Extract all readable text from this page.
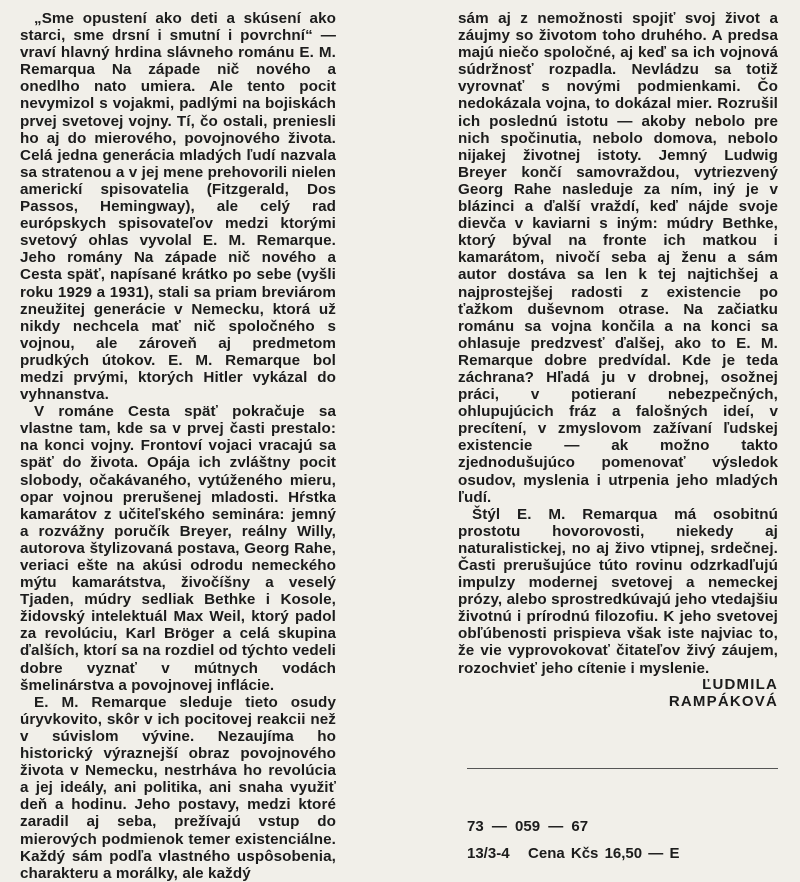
„Sme opustení ako deti a skúsení ako starci, sme drsní i smutní i povrchní“ — vraví hlavný hrdina slávneho románu E. M. Remarqua Na západe nič nového a onedlho nato umiera. Ale tento pocit nevymizol s vojakmi, padlými na bojiskách prvej svetovej vojny. Tí, čo ostali, preniesli ho aj do mierového, povojnového života. Celá jedna generácia mladých ľudí nazvala sa stratenou a v jej mene prehovorili nielen americkí spisovatelia (Fitzgerald, Dos Passos, Hemingway), ale celý rad európskych spisovateľov medzi ktorými svetový ohlas vyvolal E. M. Remarque. Jeho romány Na západe nič nového a Cesta späť, napísané krátko po sebe (vyšli roku 1929 a 1931), stali sa priam breviárom zneužitej generácie v Nemecku, ktorá už nikdy nechcela mať nič spoločného s vojnou, ale zároveň aj predmetom prudkých útokov. E. M. Remarque bol medzi prvými, ktorých Hitler vykázal do vyhnanstva.

V románe Cesta späť pokračuje sa vlastne tam, kde sa v prvej časti prestalo: na konci vojny. Frontoví vojaci vracajú sa späť do života. Opája ich zvláštny pocit slobody, očakávaného, vytúženého mieru, opar vojnou prerušenej mladosti. Hŕstka kamarátov z učiteľského seminára: jemný a rozvážny poručík Breyer, reálny Willy, autorova štylizovaná postava, Georg Rahe, veriaci ešte na akúsi odrodu nemeckého mýtu kamarátstva, živočíšny a veselý Tjaden, múdry sedliak Bethke i Kosole, židovský intelektuál Max Weil, ktorý padol za revolúciu, Karl Bröger a celá skupina ďalších, ktorí sa na rozdiel od týchto vedeli dobre vyznať v mútnych vodách šmelinárstva a povojnovej inflácie.

E. M. Remarque sleduje tieto osudy úryvkovito, skôr v ich pocitovej reakcii než v súvislom vývine. Nezaujíma ho historický výraznejší obraz povojnového života v Nemecku, nestrháva ho revolúcia a jej ideály, ani politika, ani snaha využiť deň a hodinu. Jeho postavy, medzi ktoré zaradil aj seba, prežívajú vstup do mierových podmienok temer existenciálne. Každý sám podľa vlastného uspôsobenia, charakteru a morálky, ale každý

sám aj z nemožnosti spojiť svoj život a záujmy so životom toho druhého. A predsa majú niečo spoločné, aj keď sa ich vojnová súdržnosť rozpadla. Nevládzu sa totiž vyrovnať s novými podmienkami. Čo nedokázala vojna, to dokázal mier. Rozrušil ich poslednú istotu — akoby nebolo pre nich spočinutia, nebolo domova, nebolo nijakej životnej istoty. Jemný Ludwig Breyer končí samovraždou, vytriezvený Georg Rahe nasleduje za ním, iný je v blázinci a ďalší vraždí, keď nájde svoje dievča v kaviarni s iným: múdry Bethke, ktorý býval na fronte ich matkou i kamarátom, nivočí seba aj ženu a sám autor dostáva sa len k tej najtichšej a najprostejšej radosti z existencie po ťažkom duševnom otrase. Na začiatku románu sa vojna končila a na konci sa ohlasuje predzvesť ďalšej, ako to E. M. Remarque dobre predvídal. Kde je teda záchrana? Hľadá ju v drobnej, osožnej práci, v potieraní nebezpečných, ohlupujúcich fráz a falošných ideí, v precítení, v zmyslovom zažívaní ľudskej existencie — ak možno takto zjednodušujúco pomenovať výsledok osudov, myslenia i utrpenia jeho mladých ľudí.

Štýl E. M. Remarqua má osobitnú prostotu hovorovosti, niekedy aj naturalistickej, no aj živo vtipnej, srdečnej. Časti prerušujúce túto rovinu odzrkadľujú impulzy modernej svetovej a nemeckej prózy, alebo sprostredkúvajú jeho vtedajšiu životnú i prírodnú filozofiu. K jeho svetovej obľúbenosti prispieva však iste najviac to, že vie vyprovokovať čitateľov živý záujem, rozochvieť jeho cítenie i myslenie.

ĽUDMILA RAMPÁKOVÁ
73 — 059 — 67
13/3-4   Cena Kčs 16,50 — E
